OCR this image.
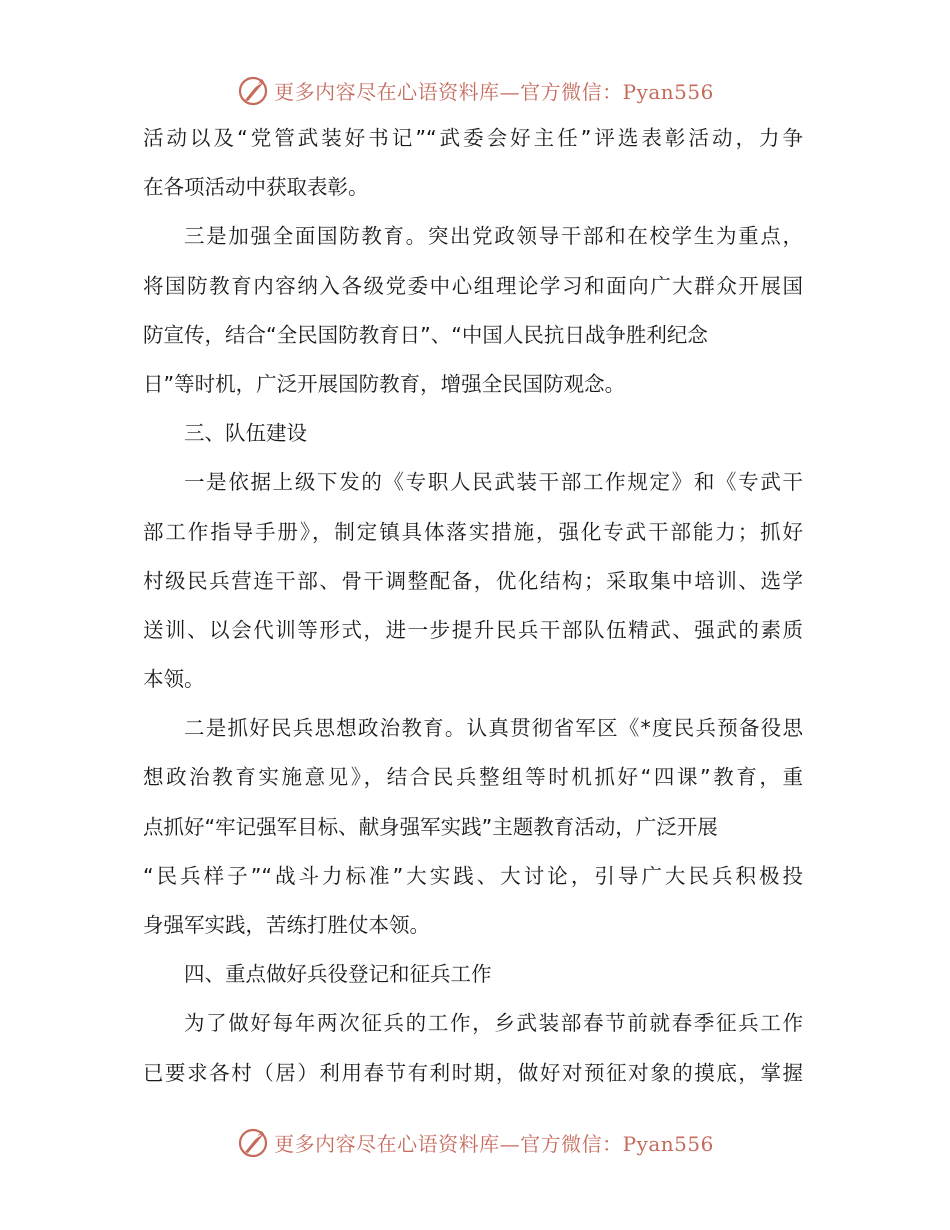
更多内容尽在心语资料库—官方微信：Pyan556
活动以及“党管武装好书记”“武委会好主任”评选表彰活动，力争
在各项活动中获取表彰。
三是加强全面国防教育。突出党政领导干部和在校学生为重点，
将国防教育内容纳入各级党委中心组理论学习和面向广大群众开展国
防宣传，结合“全民国防教育日”、“中国人民抗日战争胜利纪念
日”等时机，广泛开展国防教育，增强全民国防观念。
三、队伍建设
一是依据上级下发的《专职人民武装干部工作规定》和《专武干
部工作指导手册》，制定镇具体落实措施，强化专武干部能力；抓好
村级民兵营连干部、骨干调整配备，优化结构；采取集中培训、选学
送训、以会代训等形式，进一步提升民兵干部队伍精武、强武的素质
本领。
二是抓好民兵思想政治教育。认真贯彻省军区《*度民兵预备役思
想政治教育实施意见》，结合民兵整组等时机抓好“四课”教育，重
点抓好“牢记强军目标、献身强军实践”主题教育活动，广泛开展
“民兵样子”“战斗力标准”大实践、大讨论，引导广大民兵积极投
身强军实践，苦练打胜仗本领。
四、重点做好兵役登记和征兵工作
为了做好每年两次征兵的工作，乡武装部春节前就春季征兵工作
已要求各村（居）利用春节有利时期，做好对预征对象的摸底，掌握
更多内容尽在心语资料库—官方微信：Pyan556
